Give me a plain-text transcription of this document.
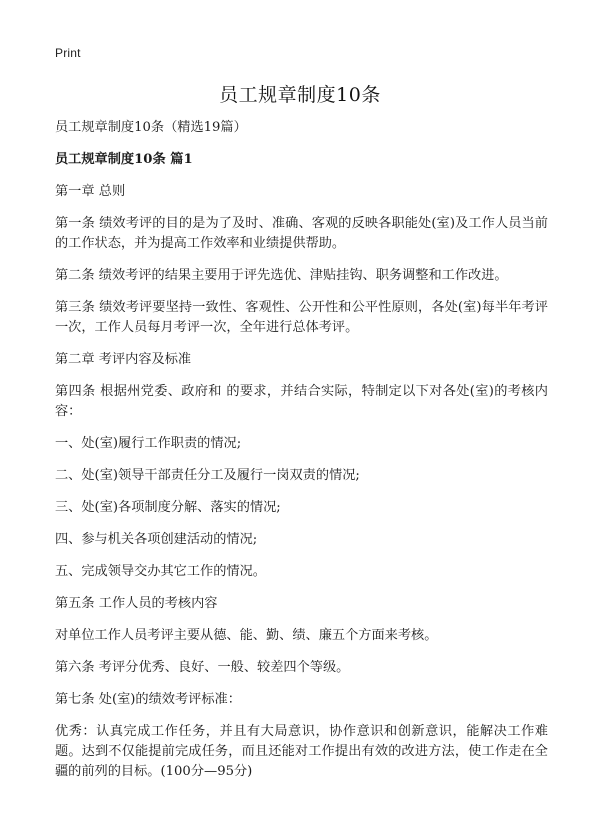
Print
员工规章制度10条

员工规章制度10条（精选19篇）

员工规章制度10条 篇1

第一章 总则

第一条 绩效考评的目的是为了及时、准确、客观的反映各职能处(室)及工作人员当前的工作状态，并为提高工作效率和业绩提供帮助。

第二条 绩效考评的结果主要用于评先选优、津贴挂钩、职务调整和工作改进。

第三条 绩效考评要坚持一致性、客观性、公开性和公平性原则，各处(室)每半年考评一次，工作人员每月考评一次，全年进行总体考评。

第二章 考评内容及标准

第四条 根据州党委、政府和 的要求，并结合实际，特制定以下对各处(室)的考核内容：

一、处(室)履行工作职责的情况;

二、处(室)领导干部责任分工及履行一岗双责的情况;

三、处(室)各项制度分解、落实的情况;

四、参与机关各项创建活动的情况;

五、完成领导交办其它工作的情况。

第五条 工作人员的考核内容

对单位工作人员考评主要从德、能、勤、绩、廉五个方面来考核。

第六条 考评分优秀、良好、一般、较差四个等级。

第七条 处(室)的绩效考评标准：

优秀：认真完成工作任务，并且有大局意识，协作意识和创新意识，能解决工作难题。达到不仅能提前完成任务，而且还能对工作提出有效的改进方法，使工作走在全疆的前列的目标。(100分—95分)
